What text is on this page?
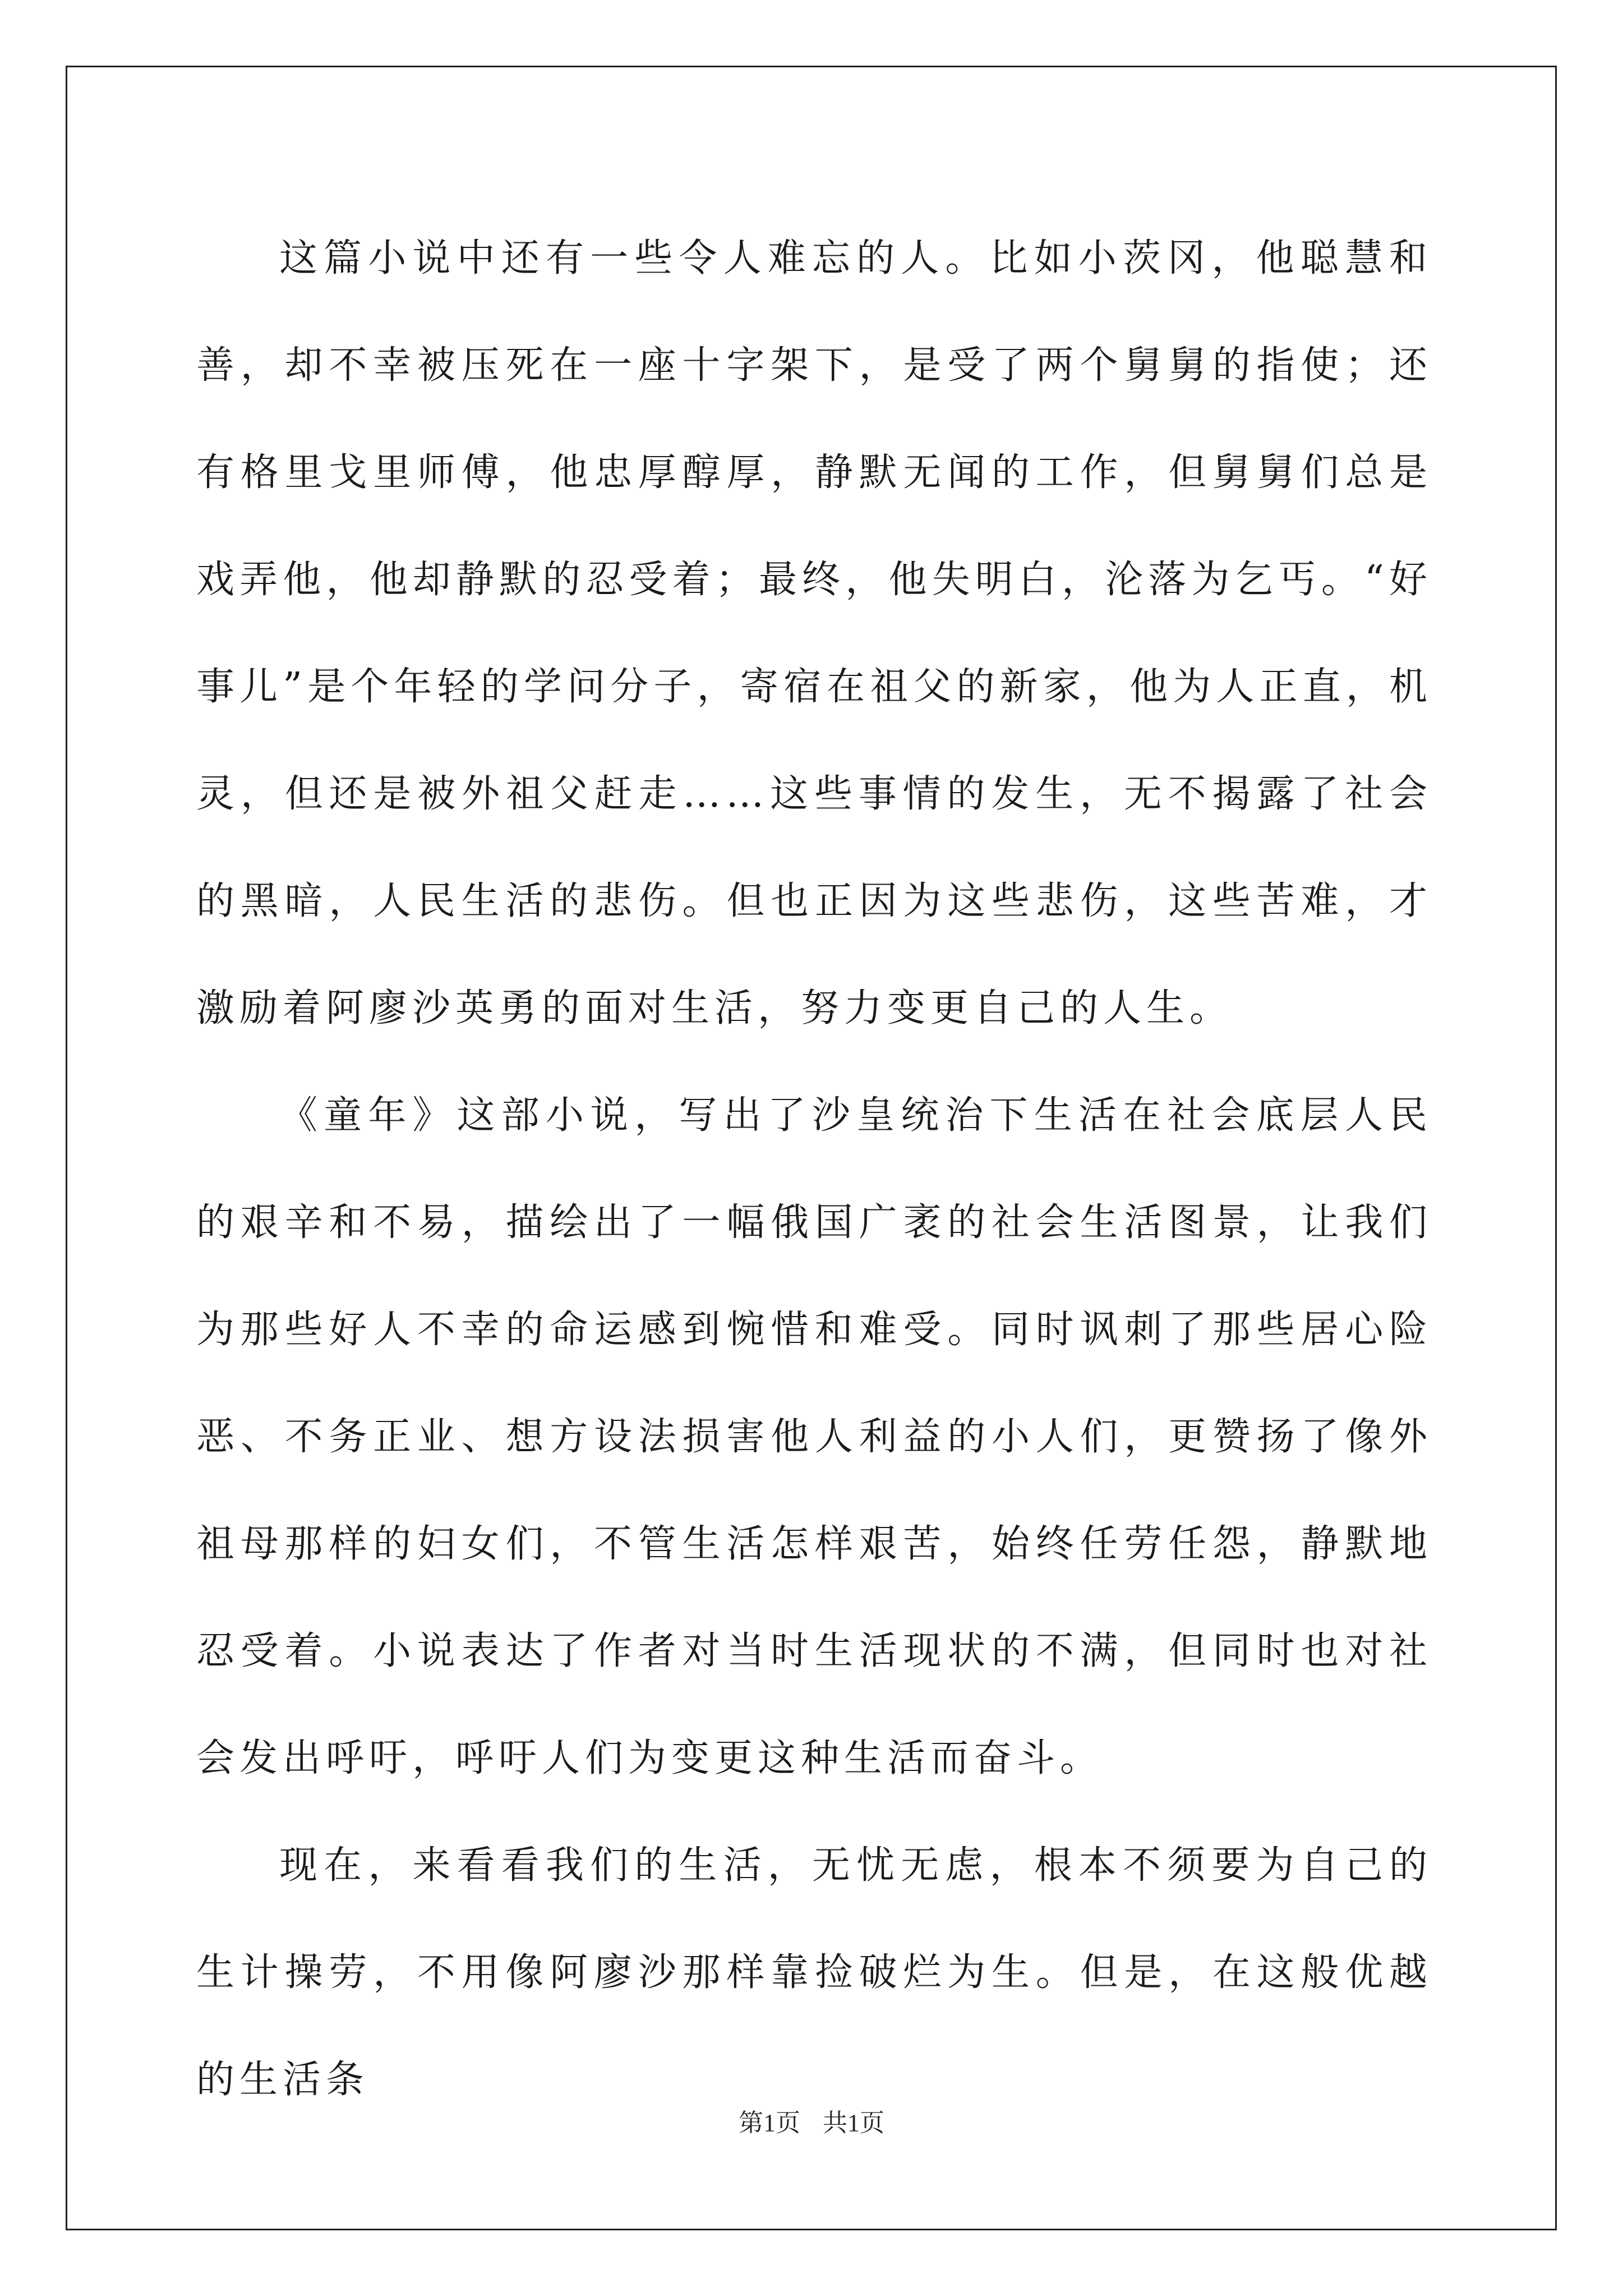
这篇小说中还有一些令人难忘的人。比如小茨冈，他聪慧和善，却不幸被压死在一座十字架下，是受了两个舅舅的指使；还有格里戈里师傅，他忠厚醇厚，静默无闻的工作，但舅舅们总是戏弄他，他却静默的忍受着；最终，他失明白，沦落为乞丐。“好事儿”是个年轻的学问分子，寄宿在祖父的新家，他为人正直，机灵，但还是被外祖父赶走……这些事情的发生，无不揭露了社会的黑暗，人民生活的悲伤。但也正因为这些悲伤，这些苦难，才激励着阿廖沙英勇的面对生活，努力变更自己的人生。

《童年》这部小说，写出了沙皇统治下生活在社会底层人民的艰辛和不易，描绘出了一幅俄国广袤的社会生活图景，让我们为那些好人不幸的命运感到惋惜和难受。同时讽刺了那些居心险恶、不务正业、想方设法损害他人利益的小人们，更赞扬了像外祖母那样的妇女们，不管生活怎样艰苦，始终任劳任怨，静默地忍受着。小说表达了作者对当时生活现状的不满，但同时也对社会发出呼吁，呼吁人们为变更这种生活而奋斗。

现在，来看看我们的生活，无忧无虑，根本不须要为自己的生计操劳，不用像阿廖沙那样靠捡破烂为生。但是，在这般优越的生活条

第1页 共1页
